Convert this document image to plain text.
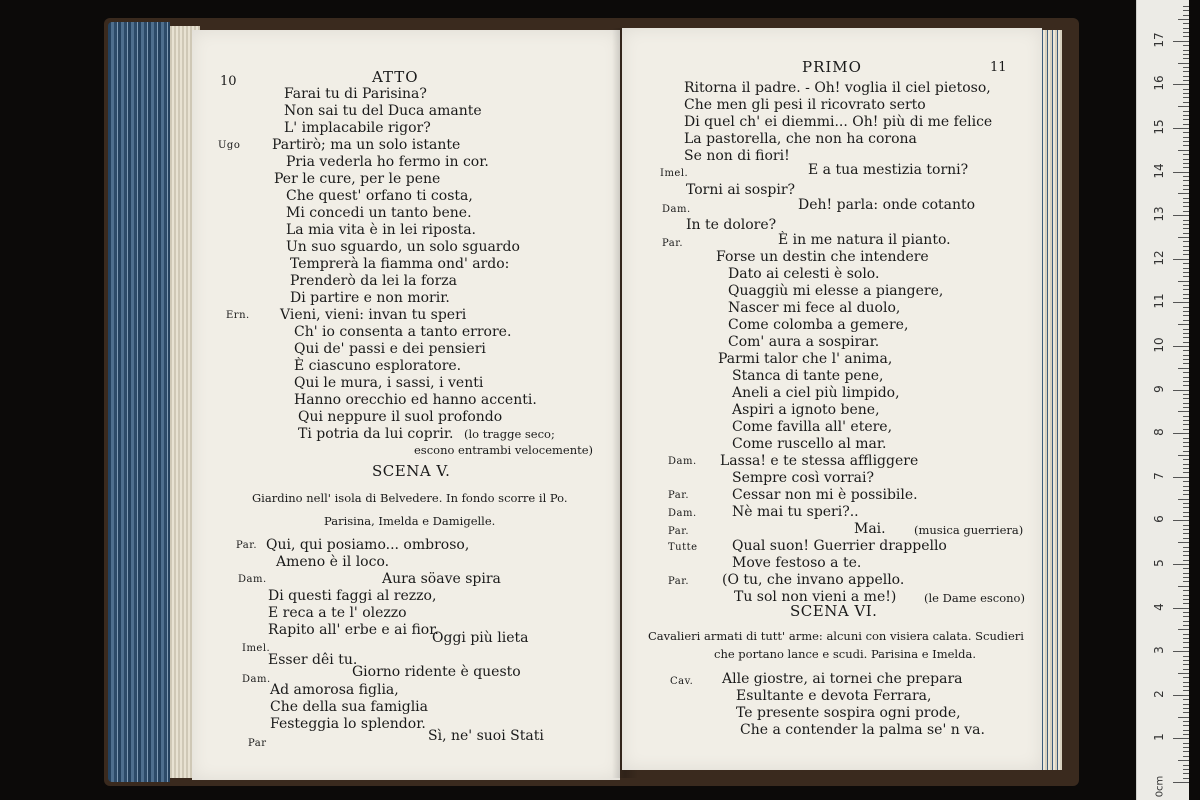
10	ATTO
Farai tu di Parisina?
Non sai tu del Duca amante
L' implacabile rigor?
Ugo Partirò; ma un solo istante
Pria vederla ho fermo in cor.
Per le cure, per le pene
Che quest' orfano ti costa,
Mi concedi un tanto bene.
La mia vita è in lei riposta.
Un suo sguardo, un solo sguardo
Temprerà la fiamma ond' ardo:
Prenderò da lei la forza
Di partire e non morir.
Ern. Vieni, vieni: invan tu speri
Ch' io consenta a tanto errore.
Qui de' passi e dei pensieri
È ciascuno esploratore.
Qui le mura, i sassi, i venti
Hanno orecchio ed hanno accenti.
Qui neppure il suol profondo
Ti potria da lui coprir. (lo tragge seco;
escono entrambi velocemente)
SCENA V.
Giardino nell' isola di Belvedere. In fondo scorre il Po.
Parisina, Imelda e Damigelle.
Par. Qui, qui posiamo... ombroso,
Ameno è il loco.
Dam.	Aura söave spira
Di questi faggi al rezzo,
E reca a te l' olezzo
Rapito all' erbe e ai fior.
Imel.
Oggi più lieta
Esser dêi tu.
Dam.	Giorno ridente è questo
Ad amorosa figlia,
Che della sua famiglia
Festeggia lo splendor.
Par	Sì, ne' suoi Stati
PRIMO	11
Ritorna il padre. - Oh! voglia il ciel pietoso,
Che men gli pesi il ricovrato serto
Di quel ch' ei diemmi... Oh! più di me felice
La pastorella, che non ha corona
Se non di fiori!
Imel.	E a tua mestizia torni?
Torni ai sospir?
Dam.	Deh! parla: onde cotanto
In te dolore?
Par.	È in me natura il pianto.
Forse un destin che intendere
Dato ai celesti è solo.
Quaggiù mi elesse a piangere,
Nascer mi fece al duolo,
Come colomba a gemere,
Com' aura a sospirar.
Parmi talor che l' anima,
Stanca di tante pene,
Aneli a ciel più limpido,
Aspiri a ignoto bene,
Come favilla all' etere,
Come ruscello al mar.
Dam. Lassa! e te stessa affliggere
Sempre così vorrai?
Par.	Cessar non mi è possibile.
Dam.	Nè mai tu speri?..
Par.	Mai. (musica guerriera)
Tutte Qual suon! Guerrier drappello
Move festoso a te.
Par. (O tu, che invano appello.
Tu sol non vieni a me!) (le Dame escono)
SCENA VI.
Cavalieri armati di tutt' arme: alcuni con visiera calata. Scudieri
che portano lance e scudi. Parisina e Imelda.
Cav. Alle giostre, ai tornei che prepara
Esultante e devota Ferrara,
Te presente sospira ogni prode,
Che a contender la palma se' n va.
0cm
1
2
3
4
5
6
7
8
9
10
11
12
13
14
15
16
17
